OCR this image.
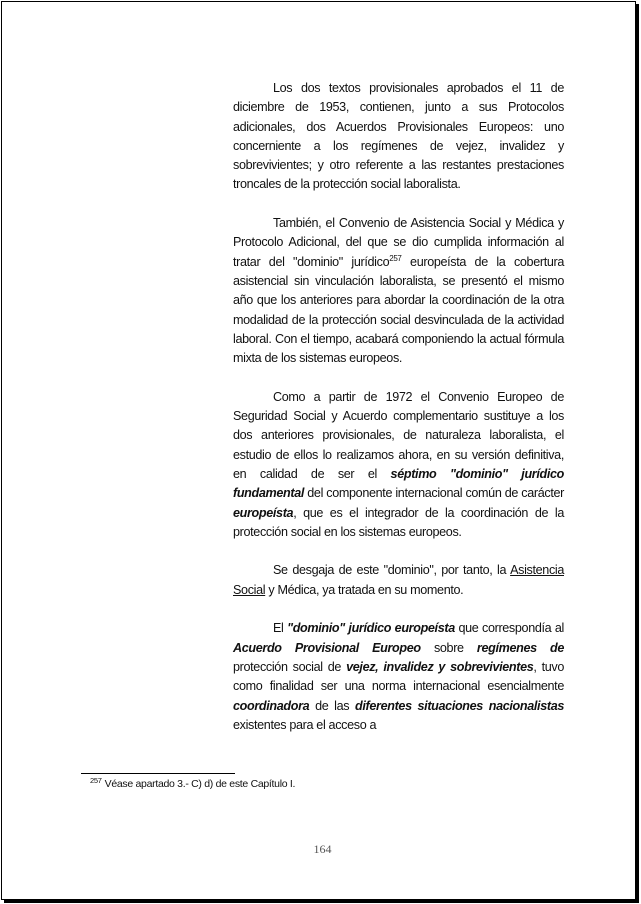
Los dos textos provisionales aprobados el 11 de diciembre de 1953, contienen, junto a sus Protocolos adicionales, dos Acuerdos Provisionales Europeos: uno concerniente a los regímenes de vejez, invalidez y sobrevivientes; y otro referente a las restantes prestaciones troncales de la protección social laboralista.

También, el Convenio de Asistencia Social y Médica y Protocolo Adicional, del que se dio cumplida información al tratar del "dominio" jurídico$^{257}$ europeísta de la cobertura asistencial sin vinculación laboralista, se presentó el mismo año que los anteriores para abordar la coordinación de la otra modalidad de la protección social desvinculada de la actividad laboral. Con el tiempo, acabará componiendo la actual fórmula mixta de los sistemas europeos.

Como a partir de 1972 el Convenio Europeo de Seguridad Social y Acuerdo complementario sustituye a los dos anteriores provisionales, de naturaleza laboralista, el estudio de ellos lo realizamos ahora, en su versión definitiva, en calidad de ser el séptimo "dominio" jurídico fundamental del componente internacional común de carácter europeísta, que es el integrador de la coordinación de la protección social en los sistemas europeos.

Se desgaja de este "dominio", por tanto, la Asistencia Social y Médica, ya tratada en su momento.

El "dominio" jurídico europeísta que correspondía al Acuerdo Provisional Europeo sobre regímenes de protección social de vejez, invalidez y sobrevivientes, tuvo como finalidad ser una norma internacional esencialmente coordinadora de las diferentes situaciones nacionalistas existentes para el acceso a

$^{257}$ Véase apartado 3.- C) d) de este Capítulo I.
164
